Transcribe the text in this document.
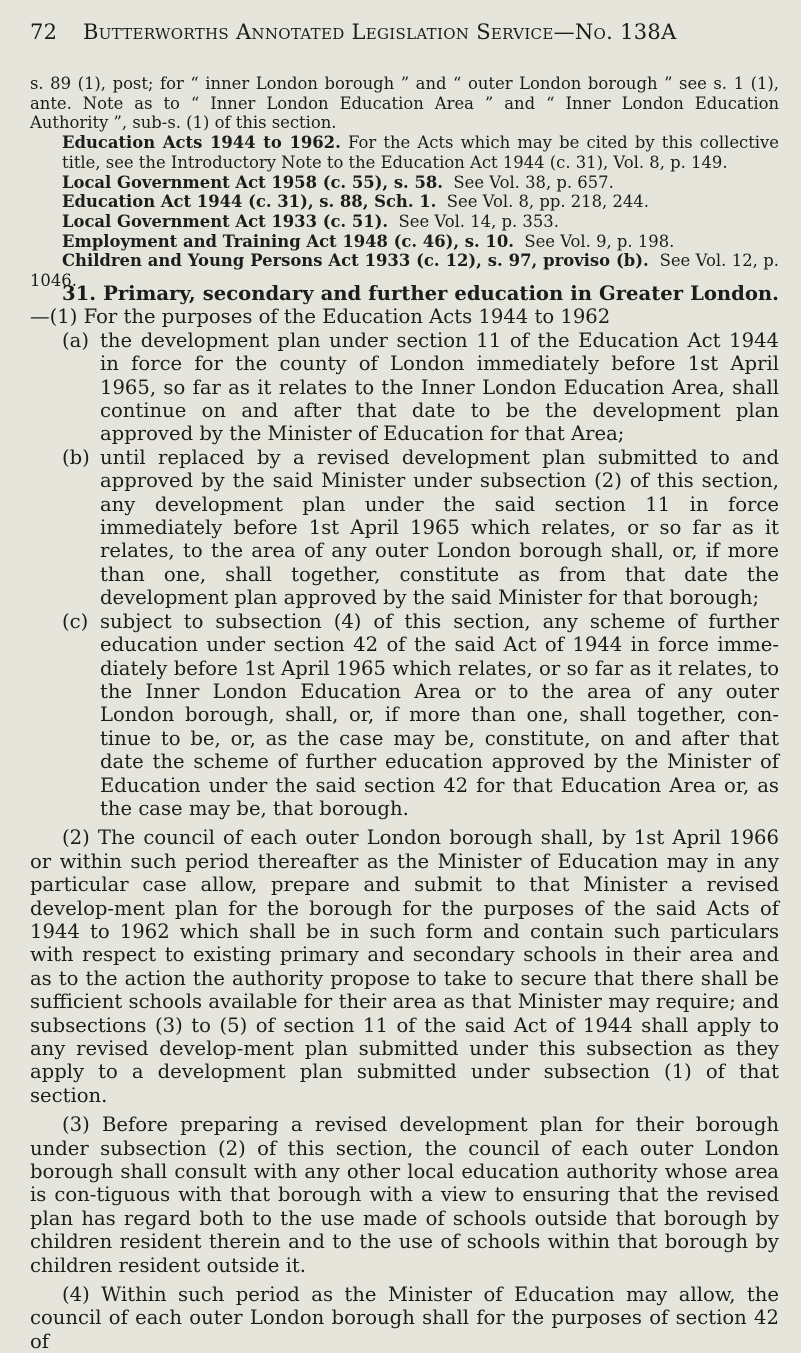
72 Butterworths Annotated Legislation Service—No. 138A

s. 89 (1), post; for “ inner London borough ” and “ outer London borough ” see s. 1 (1), ante. Note as to “ Inner London Education Area ” and “ Inner London Education Authority ”, sub-s. (1) of this section.

Education Acts 1944 to 1962. For the Acts which may be cited by this collective title, see the Introductory Note to the Education Act 1944 (c. 31), Vol. 8, p. 149.

Local Government Act 1958 (c. 55), s. 58. See Vol. 38, p. 657.

Education Act 1944 (c. 31), s. 88, Sch. 1. See Vol. 8, pp. 218, 244.

Local Government Act 1933 (c. 51). See Vol. 14, p. 353.

Employment and Training Act 1948 (c. 46), s. 10. See Vol. 9, p. 198.

Children and Young Persons Act 1933 (c. 12), s. 97, proviso (b). See Vol. 12, p. 1046.

31. Primary, secondary and further education in Greater London.—(1) For the purposes of the Education Acts 1944 to 1962

(a) the development plan under section 11 of the Education Act 1944 in force for the county of London immediately before 1st April 1965, so far as it relates to the Inner London Education Area, shall continue on and after that date to be the development plan approved by the Minister of Education for that Area;
(b) until replaced by a revised development plan submitted to and approved by the said Minister under subsection (2) of this section, any development plan under the said section 11 in force immediately before 1st April 1965 which relates, or so far as it relates, to the area of any outer London borough shall, or, if more than one, shall together, constitute as from that date the development plan approved by the said Minister for that borough;
(c) subject to subsection (4) of this section, any scheme of further education under section 42 of the said Act of 1944 in force imme-diately before 1st April 1965 which relates, or so far as it relates, to the Inner London Education Area or to the area of any outer London borough, shall, or, if more than one, shall together, con-tinue to be, or, as the case may be, constitute, on and after that date the scheme of further education approved by the Minister of Education under the said section 42 for that Education Area or, as the case may be, that borough.

(2) The council of each outer London borough shall, by 1st April 1966 or within such period thereafter as the Minister of Education may in any particular case allow, prepare and submit to that Minister a revised develop-ment plan for the borough for the purposes of the said Acts of 1944 to 1962 which shall be in such form and contain such particulars with respect to existing primary and secondary schools in their area and as to the action the authority propose to take to secure that there shall be sufficient schools available for their area as that Minister may require; and subsections (3) to (5) of section 11 of the said Act of 1944 shall apply to any revised develop-ment plan submitted under this subsection as they apply to a development plan submitted under subsection (1) of that section.

(3) Before preparing a revised development plan for their borough under subsection (2) of this section, the council of each outer London borough shall consult with any other local education authority whose area is con-tiguous with that borough with a view to ensuring that the revised plan has regard both to the use made of schools outside that borough by children resident therein and to the use of schools within that borough by children resident outside it.

(4) Within such period as the Minister of Education may allow, the council of each outer London borough shall for the purposes of section 42 of
